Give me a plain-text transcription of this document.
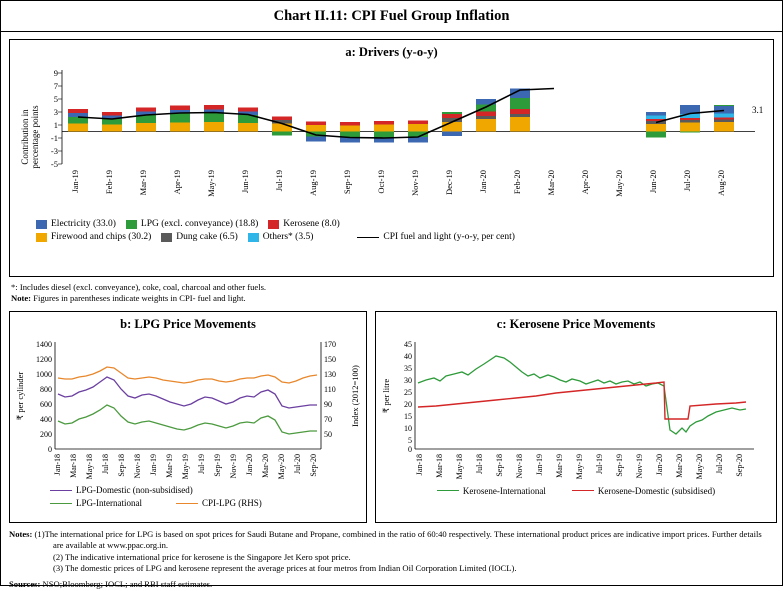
Chart II.11: CPI Fuel Group Inflation
a: Drivers (y-o-y)
Contribution in percentage points
9
7
5
3
1
-1
-3
-5
3.1
Jan-19	Feb-19	Mar-19	Apr-19	May-19	Jun-19	Jul-19	Aug-19	Sep-19	Oct-19	Nov-19	Dec-19	Jan-20	Feb-20	Mar-20	Apr-20	May-20	Jun-20	Jul-20	Aug-20
Electricity (33.0)	LPG (excl. conveyance) (18.8)	Kerosene (8.0)
Firewood and chips (30.2)	Dung cake (6.5)	Others* (3.5)	CPI fuel and light (y-o-y, per cent)
*: Includes diesel (excl. conveyance), coke, coal, charcoal and other fuels.
Note: Figures in parentheses indicate weights in CPI- fuel and light.
b: LPG Price Movements
₹ per cylinder	Index (2012=100)
1400
1200
1000
800
600
400
200
0
170
150
130
110
90
70
50
Jan-18 Mar-18 May-18 Jul-18 Sep-18 Nov-18 Jan-19 Mar-19 May-19 Jul-19 Sep-19 Nov-19 Jan-20 Mar-20 May-20 Jul-20 Sep-20
LPG-Domestic (non-subsidised)
LPG-International	CPI-LPG (RHS)
c: Kerosene Price Movements
₹ per litre
45
40
35
30
25
20
15
10
5
0
Jan-18 Mar-18 May-18 Jul-18 Sep-18 Nov-18 Jan-19 Mar-19 May-19 Jul-19 Sep-19 Nov-19 Jan-20 Mar-20 May-20 Jul-20 Sep-20
Kerosene-International	Kerosene-Domestic (subsidised)
Notes: (1)The international price for LPG is based on spot prices for Saudi Butane and Propane, combined in the ratio of 60:40 respectively. These international product prices are indicative import prices. Further details are available at www.ppac.org.in.
(2) The indicative international price for kerosene is the Singapore Jet Kero spot price.
(3) The domestic prices of LPG and kerosene represent the average prices at four metros from Indian Oil Corporation Limited (IOCL).
Sources: NSO;Bloomberg; IOCL; and RBI staff estimates.
